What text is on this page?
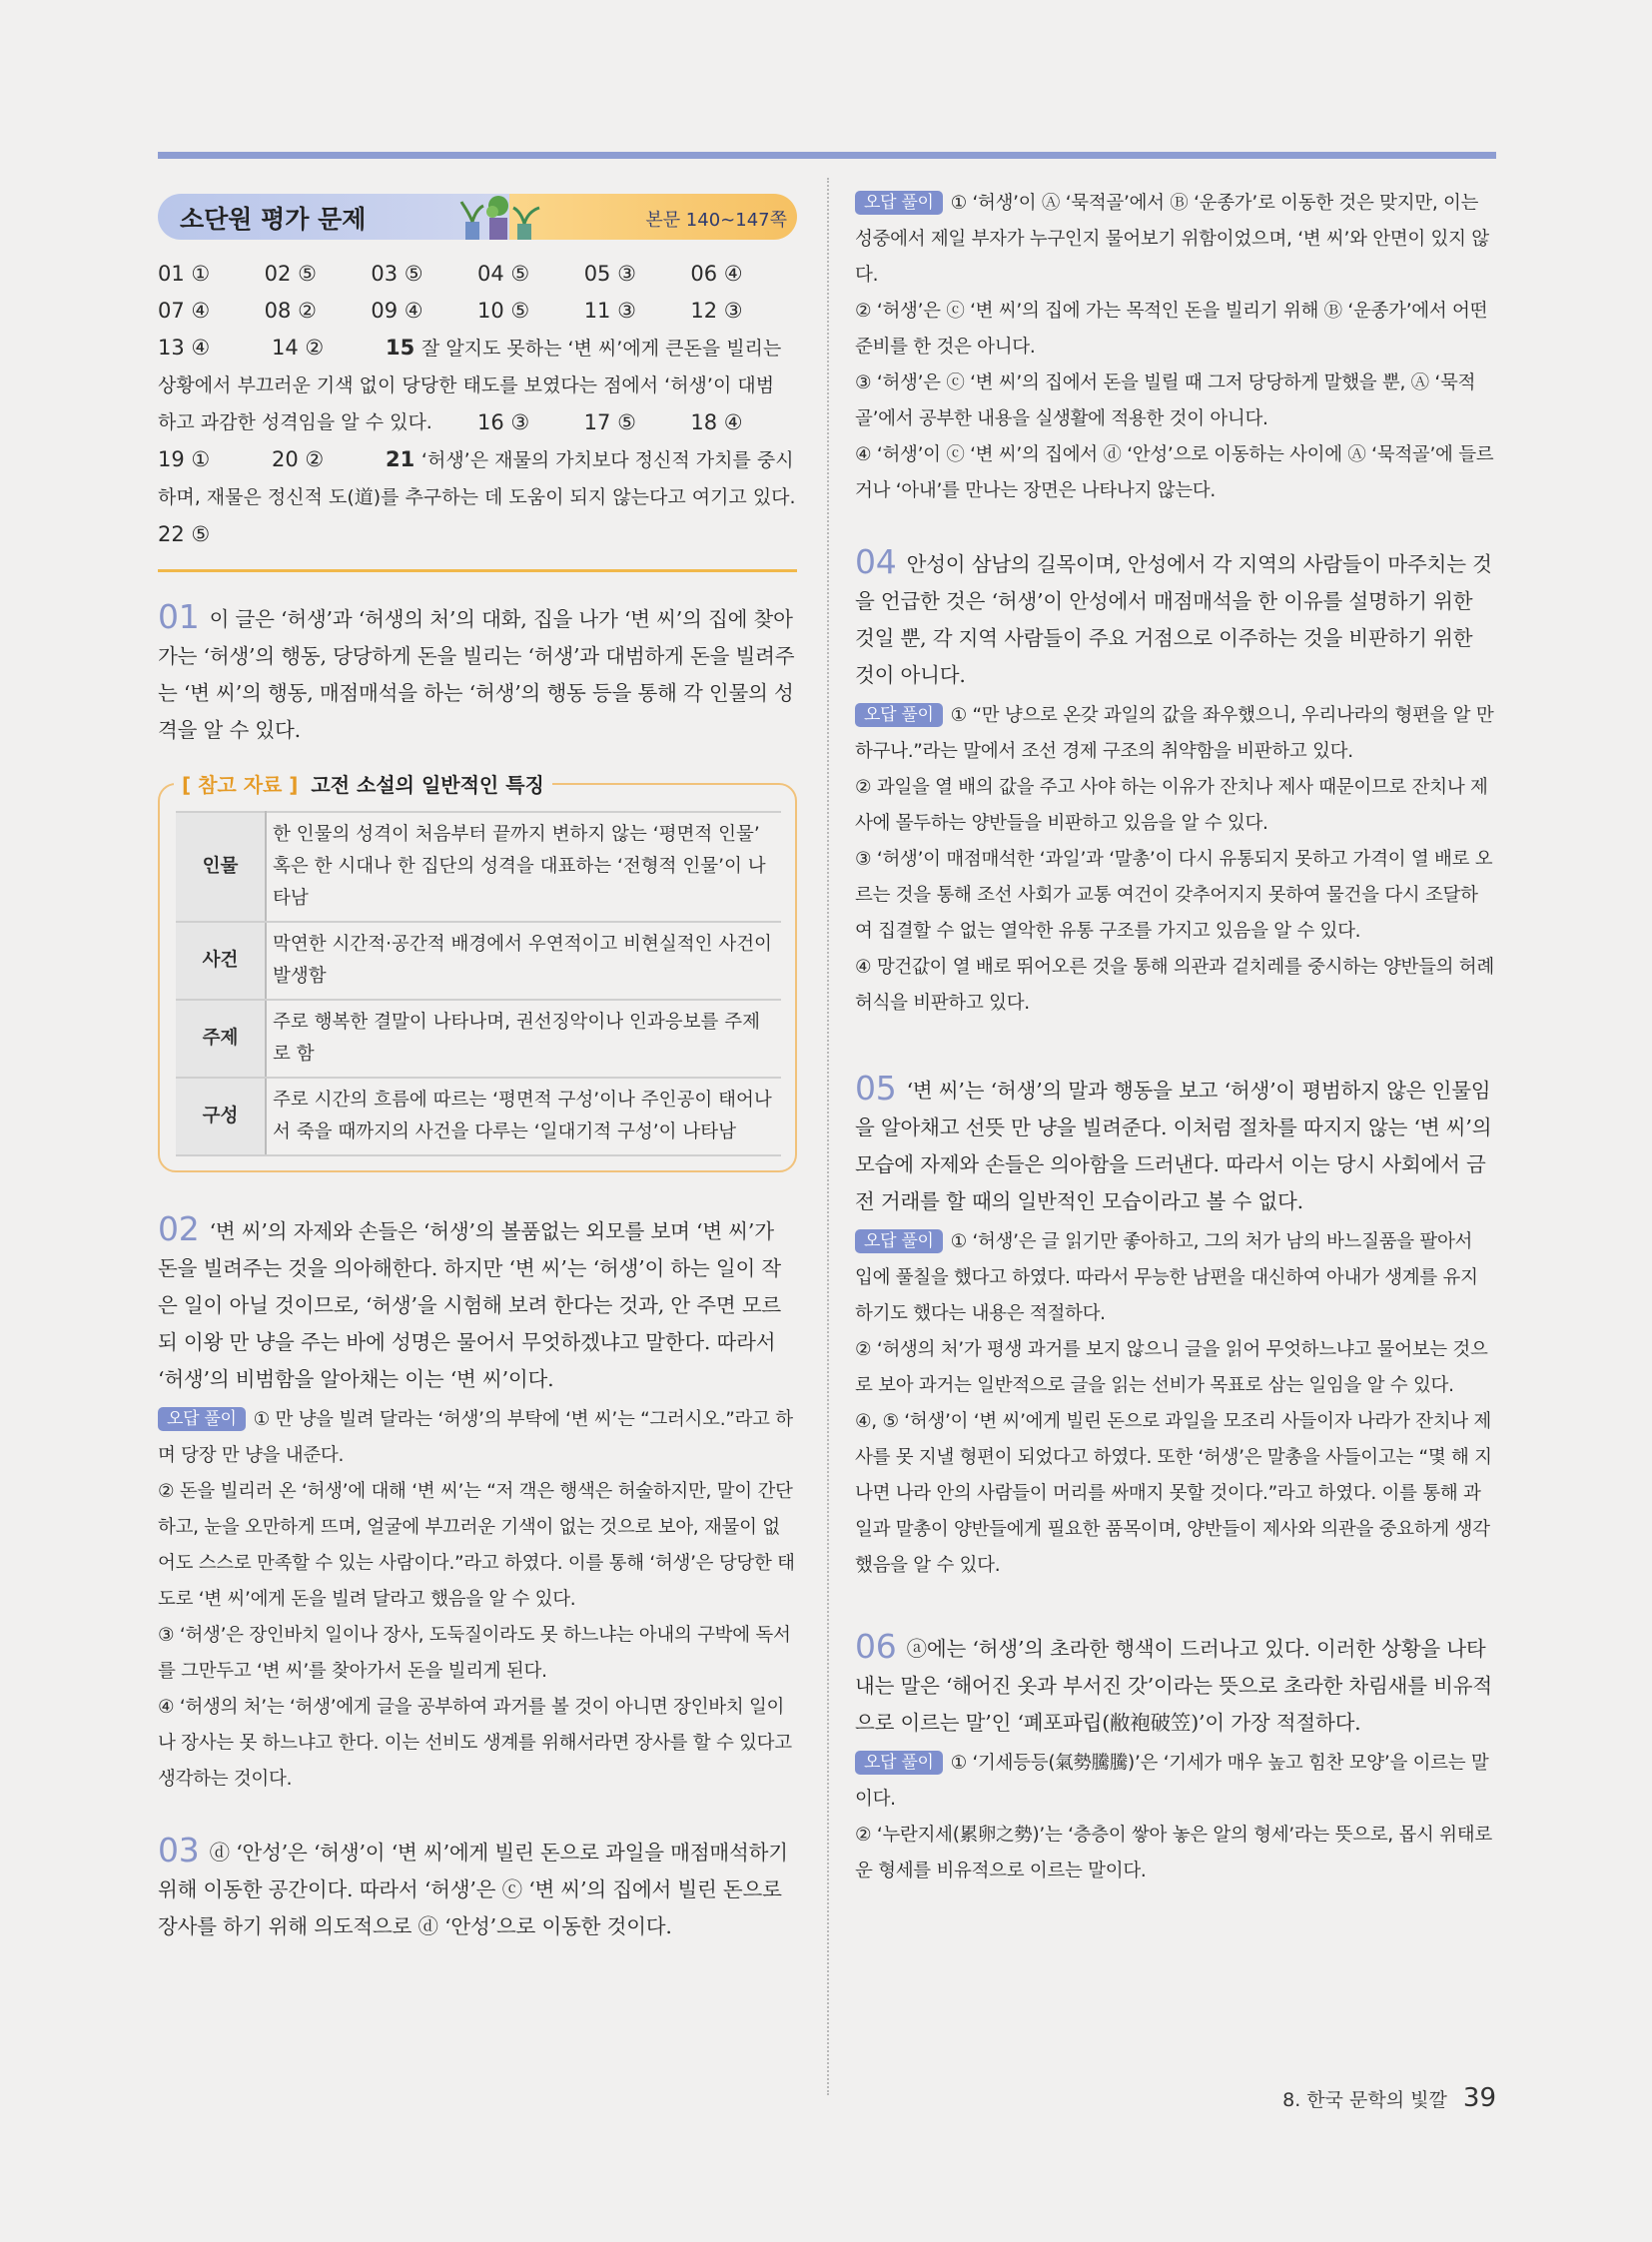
소단원 평가 문제	본문 140∼147쪽
01 ①	02 ⑤	03 ⑤	04 ⑤	05 ③	06 ④
07 ④	08 ②	09 ④	10 ⑤	11 ③	12 ③
13 ④	14 ②	15 잘 알지도 못하는 ‘변 씨’에게 큰돈을 빌리는
상황에서 부끄러운 기색 없이 당당한 태도를 보였다는 점에서 ‘허생’이 대범
하고 과감한 성격임을 알 수 있다.	16 ③	17 ⑤	18 ④
19 ①	20 ②	21 ‘허생’은 재물의 가치보다 정신적 가치를 중시
하며, 재물은 정신적 도(道)를 추구하는 데 도움이 되지 않는다고 여기고 있다.
22 ⑤

01 이 글은 ‘허생’과 ‘허생의 처’의 대화, 집을 나가 ‘변 씨’의 집에 찾아가는 ‘허생’의 행동, 당당하게 돈을 빌리는 ‘허생’과 대범하게 돈을 빌려주는 ‘변 씨’의 행동, 매점매석을 하는 ‘허생’의 행동 등을 통해 각 인물의 성격을 알 수 있다.

[ 참고 자료 ] 고전 소설의 일반적인 특징
인물	한 인물의 성격이 처음부터 끝까지 변하지 않는 ‘평면적 인물’ 혹은 한 시대나 한 집단의 성격을 대표하는 ‘전형적 인물’이 나타남
사건	막연한 시간적·공간적 배경에서 우연적이고 비현실적인 사건이 발생함
주제	주로 행복한 결말이 나타나며, 권선징악이나 인과응보를 주제로 함
구성	주로 시간의 흐름에 따르는 ‘평면적 구성’이나 주인공이 태어나서 죽을 때까지의 사건을 다루는 ‘일대기적 구성’이 나타남

02 ‘변 씨’의 자제와 손들은 ‘허생’의 볼품없는 외모를 보며 ‘변 씨’가 돈을 빌려주는 것을 의아해한다. 하지만 ‘변 씨’는 ‘허생’이 하는 일이 작은 일이 아닐 것이므로, ‘허생’을 시험해 보려 한다는 것과, 안 주면 모르되 이왕 만 냥을 주는 바에 성명은 물어서 무엇하겠냐고 말한다. 따라서 ‘허생’의 비범함을 알아채는 이는 ‘변 씨’이다.

오답 풀이 ① 만 냥을 빌려 달라는 ‘허생’의 부탁에 ‘변 씨’는 “그러시오.”라고 하며 당장 만 냥을 내준다.

② 돈을 빌리러 온 ‘허생’에 대해 ‘변 씨’는 “저 객은 행색은 허술하지만, 말이 간단하고, 눈을 오만하게 뜨며, 얼굴에 부끄러운 기색이 없는 것으로 보아, 재물이 없어도 스스로 만족할 수 있는 사람이다.”라고 하였다. 이를 통해 ‘허생’은 당당한 태도로 ‘변 씨’에게 돈을 빌려 달라고 했음을 알 수 있다.

③ ‘허생’은 장인바치 일이나 장사, 도둑질이라도 못 하느냐는 아내의 구박에 독서를 그만두고 ‘변 씨’를 찾아가서 돈을 빌리게 된다.

④ ‘허생의 처’는 ‘허생’에게 글을 공부하여 과거를 볼 것이 아니면 장인바치 일이나 장사는 못 하느냐고 한다. 이는 선비도 생계를 위해서라면 장사를 할 수 있다고 생각하는 것이다.

03 ⓓ ‘안성’은 ‘허생’이 ‘변 씨’에게 빌린 돈으로 과일을 매점매석하기 위해 이동한 공간이다. 따라서 ‘허생’은 ⓒ ‘변 씨’의 집에서 빌린 돈으로 장사를 하기 위해 의도적으로 ⓓ ‘안성’으로 이동한 것이다.

오답 풀이 ① ‘허생’이 Ⓐ ‘묵적골’에서 Ⓑ ‘운종가’로 이동한 것은 맞지만, 이는 성중에서 제일 부자가 누구인지 물어보기 위함이었으며, ‘변 씨’와 안면이 있지 않다.

② ‘허생’은 ⓒ ‘변 씨’의 집에 가는 목적인 돈을 빌리기 위해 Ⓑ ‘운종가’에서 어떤 준비를 한 것은 아니다.

③ ‘허생’은 ⓒ ‘변 씨’의 집에서 돈을 빌릴 때 그저 당당하게 말했을 뿐, Ⓐ ‘묵적골’에서 공부한 내용을 실생활에 적용한 것이 아니다.

④ ‘허생’이 ⓒ ‘변 씨’의 집에서 ⓓ ‘안성’으로 이동하는 사이에 Ⓐ ‘묵적골’에 들르거나 ‘아내’를 만나는 장면은 나타나지 않는다.

04 안성이 삼남의 길목이며, 안성에서 각 지역의 사람들이 마주치는 것을 언급한 것은 ‘허생’이 안성에서 매점매석을 한 이유를 설명하기 위한 것일 뿐, 각 지역 사람들이 주요 거점으로 이주하는 것을 비판하기 위한 것이 아니다.

오답 풀이 ① “만 냥으로 온갖 과일의 값을 좌우했으니, 우리나라의 형편을 알 만하구나.”라는 말에서 조선 경제 구조의 취약함을 비판하고 있다.

② 과일을 열 배의 값을 주고 사야 하는 이유가 잔치나 제사 때문이므로 잔치나 제사에 몰두하는 양반들을 비판하고 있음을 알 수 있다.

③ ‘허생’이 매점매석한 ‘과일’과 ‘말총’이 다시 유통되지 못하고 가격이 열 배로 오르는 것을 통해 조선 사회가 교통 여건이 갖추어지지 못하여 물건을 다시 조달하여 집결할 수 없는 열악한 유통 구조를 가지고 있음을 알 수 있다.

④ 망건값이 열 배로 뛰어오른 것을 통해 의관과 겉치레를 중시하는 양반들의 허례허식을 비판하고 있다.

05 ‘변 씨’는 ‘허생’의 말과 행동을 보고 ‘허생’이 평범하지 않은 인물임을 알아채고 선뜻 만 냥을 빌려준다. 이처럼 절차를 따지지 않는 ‘변 씨’의 모습에 자제와 손들은 의아함을 드러낸다. 따라서 이는 당시 사회에서 금전 거래를 할 때의 일반적인 모습이라고 볼 수 없다.

오답 풀이 ① ‘허생’은 글 읽기만 좋아하고, 그의 처가 남의 바느질품을 팔아서 입에 풀칠을 했다고 하였다. 따라서 무능한 남편을 대신하여 아내가 생계를 유지하기도 했다는 내용은 적절하다.

② ‘허생의 처’가 평생 과거를 보지 않으니 글을 읽어 무엇하느냐고 물어보는 것으로 보아 과거는 일반적으로 글을 읽는 선비가 목표로 삼는 일임을 알 수 있다.

④, ⑤ ‘허생’이 ‘변 씨’에게 빌린 돈으로 과일을 모조리 사들이자 나라가 잔치나 제사를 못 지낼 형편이 되었다고 하였다. 또한 ‘허생’은 말총을 사들이고는 “몇 해 지나면 나라 안의 사람들이 머리를 싸매지 못할 것이다.”라고 하였다. 이를 통해 과일과 말총이 양반들에게 필요한 품목이며, 양반들이 제사와 의관을 중요하게 생각했음을 알 수 있다.

06 ⓐ에는 ‘허생’의 초라한 행색이 드러나고 있다. 이러한 상황을 나타내는 말은 ‘해어진 옷과 부서진 갓’이라는 뜻으로 초라한 차림새를 비유적으로 이르는 말’인 ‘폐포파립(敝袍破笠)’이 가장 적절하다.

오답 풀이 ① ‘기세등등(氣勢騰騰)’은 ‘기세가 매우 높고 힘찬 모양’을 이르는 말이다.

② ‘누란지세(累卵之勢)’는 ‘층층이 쌓아 놓은 알의 형세’라는 뜻으로, 몹시 위태로운 형세를 비유적으로 이르는 말이다.

8. 한국 문학의 빛깔 39
